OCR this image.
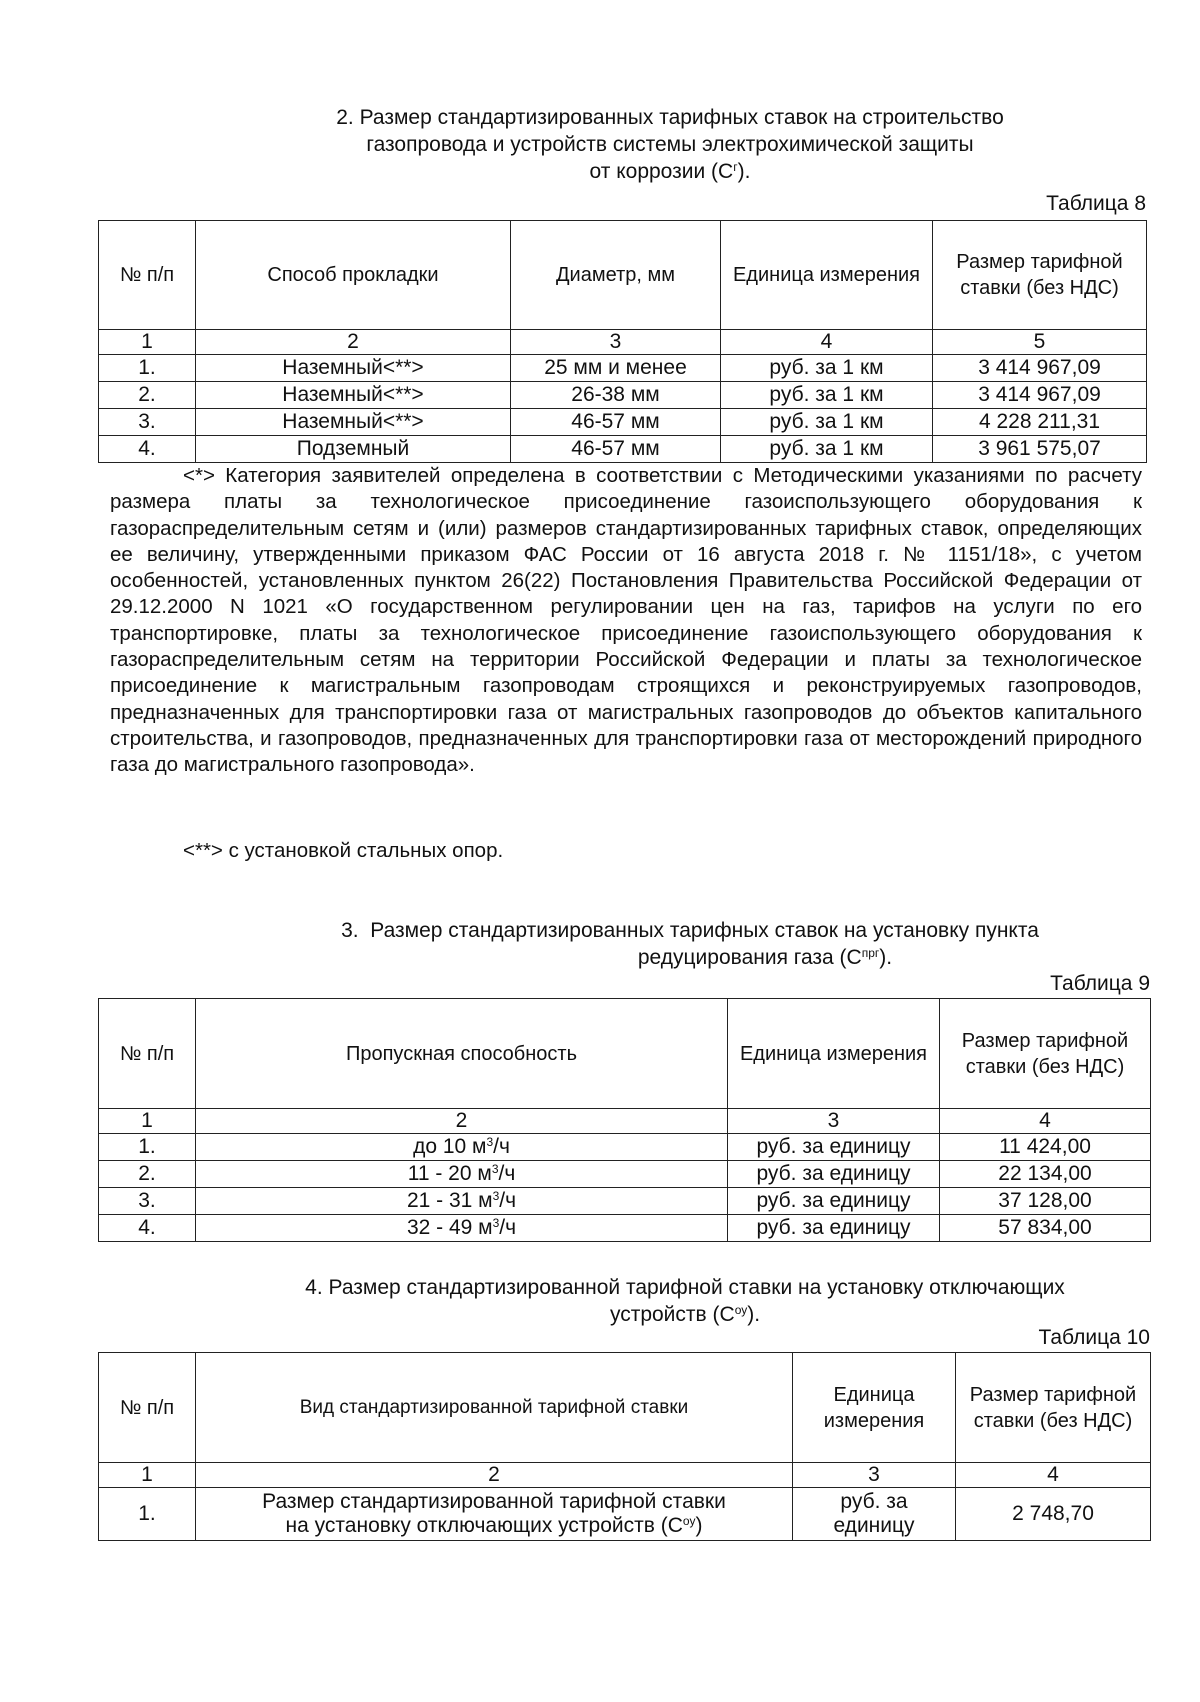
2. Размер стандартизированных тарифных ставок на строительство
газопровода и устройств системы электрохимической защиты
от коррозии $(С^г)$.
Таблица 8
№ п/п	Способ прокладки	Диаметр, мм	Единица измерения	Размер тарифной ставки (без НДС)
1	2	3	4	5
1.	Наземный<**>	25 мм и менее	руб. за 1 км	3 414 967,09
2.	Наземный<**>	26-38 мм	руб. за 1 км	3 414 967,09
3.	Наземный<**>	46-57 мм	руб. за 1 км	4 228 211,31
4.	Подземный	46-57 мм	руб. за 1 км	3 961 575,07
<*> Категория заявителей определена в соответствии с Методическими указаниями по расчету размера платы за технологическое присоединение газоиспользующего оборудования к газораспределительным сетям и (или) размеров стандартизированных тарифных ставок, определяющих ее величину, утвержденными приказом ФАС России от 16 августа 2018 г. № 1151/18», с учетом особенностей, установленных пунктом 26(22) Постановления Правительства Российской Федерации от 29.12.2000 N 1021 «О государственном регулировании цен на газ, тарифов на услуги по его транспортировке, платы за технологическое присоединение газоиспользующего оборудования к газораспределительным сетям на территории Российской Федерации и платы за технологическое присоединение к магистральным газопроводам строящихся и реконструируемых газопроводов, предназначенных для транспортировки газа от магистральных газопроводов до объектов капитального строительства, и газопроводов, предназначенных для транспортировки газа от месторождений природного газа до магистрального газопровода».
<**> с установкой стальных опор.
3.  Размер стандартизированных тарифных ставок на установку пункта
редуцирования газа $(С^{прг})$.
Таблица 9
№ п/п	Пропускная способность	Единица измерения	Размер тарифной ставки (без НДС)
1	2	3	4
1.	до 10 $м^3/ч$	руб. за единицу	11 424,00
2.	11 - 20 $м^3/ч$	руб. за единицу	22 134,00
3.	21 - 31 $м^3/ч$	руб. за единицу	37 128,00
4.	32 - 49 $м^3/ч$	руб. за единицу	57 834,00
4. Размер стандартизированной тарифной ставки на установку отключающих
устройств $(С^{оу})$.
Таблица 10
№ п/п	Вид стандартизированной тарифной ставки	Единица измерения	Размер тарифной ставки (без НДС)
1	2	3	4
1.	Размер стандартизированной тарифной ставки
на установку отключающих устройств $(С^{оу})$	руб. за единицу	2 748,70
